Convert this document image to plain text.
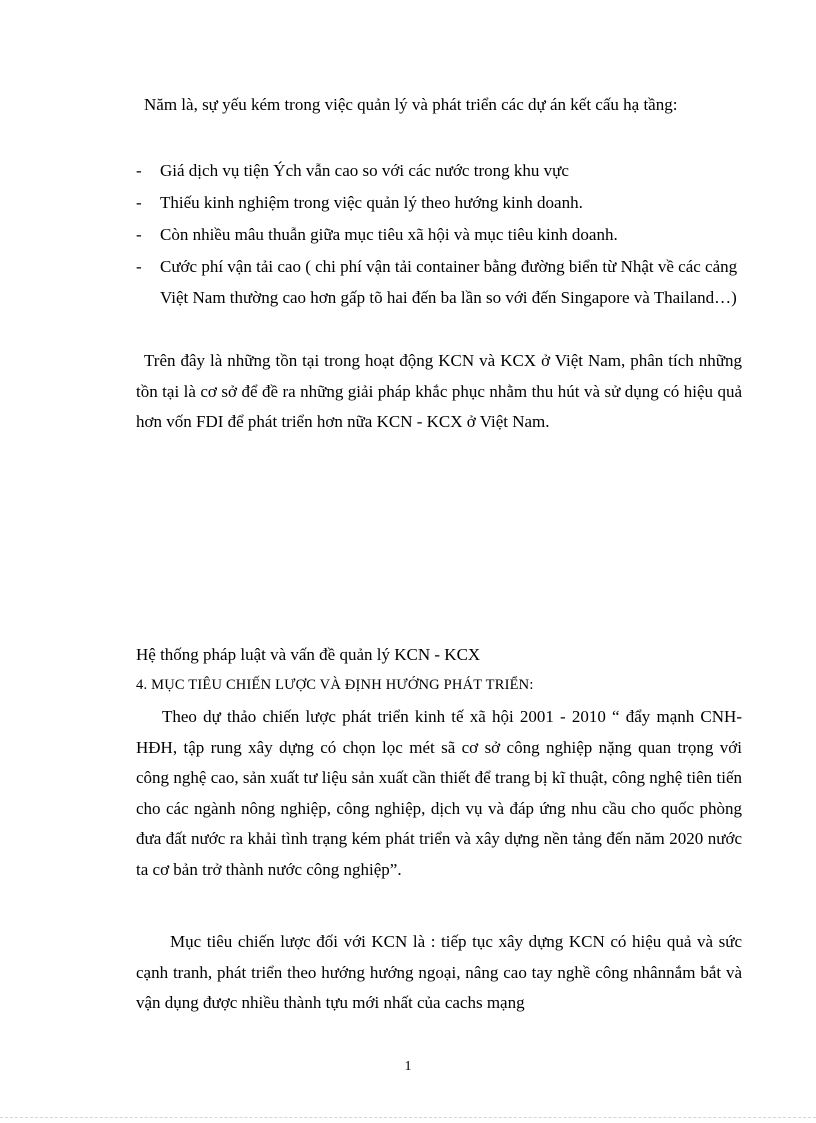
Năm là, sự yếu kém trong việc quản lý và phát triển các dự án kết cấu hạ tầng:
-	Giá dịch vụ tiện Ých vẫn cao so với các nước trong khu vực
-	Thiếu kinh nghiệm trong việc quản lý theo hướng kinh doanh.
-	Còn nhiều mâu thuẫn giữa mục tiêu xã hội và mục tiêu kinh doanh.
-	Cước phí vận tải cao ( chi phí vận tải container bằng đường biển từ Nhật về các cảng Việt Nam thường cao hơn gấp tõ hai đến ba lần so với đến Singapore và Thailand…)
Trên đây là những tồn tại trong hoạt động KCN và KCX ở Việt Nam, phân tích những tồn tại là cơ sở để đề ra những giải pháp khắc phục nhằm thu hút và sử dụng có hiệu quả hơn vốn FDI để phát triển hơn nữa KCN - KCX ở Việt Nam.
Hệ thống pháp luật và vấn đề quản lý KCN - KCX
4. MỤC TIÊU CHIẾN LƯỢC VÀ ĐỊNH HƯỚNG PHÁT TRIỂN:
Theo dự thảo chiến lược phát triển kinh tế xã hội 2001 - 2010 “ đẩy mạnh CNH-HĐH, tập rung xây dựng có chọn lọc mét sã cơ sở công nghiệp nặng quan trọng với công nghệ cao, sản xuất tư liệu sản xuất cần thiết để trang bị kĩ thuật, công nghệ tiên tiến cho các ngành nông nghiệp, công nghiệp, dịch vụ và đáp ứng nhu cầu cho quốc phòng đưa đất nước ra khải tình trạng kém phát triển và xây dựng nền tảng đến năm 2020 nước ta cơ bản trở thành nước công nghiệp”.
Mục tiêu chiến lược đối với KCN là : tiếp tục xây dựng KCN có hiệu quả và sức cạnh tranh, phát triển theo hướng hướng ngoại, nâng cao tay nghề công nhânnắm bắt và vận dụng được nhiều thành tựu mới nhất của cachs mạng
1
